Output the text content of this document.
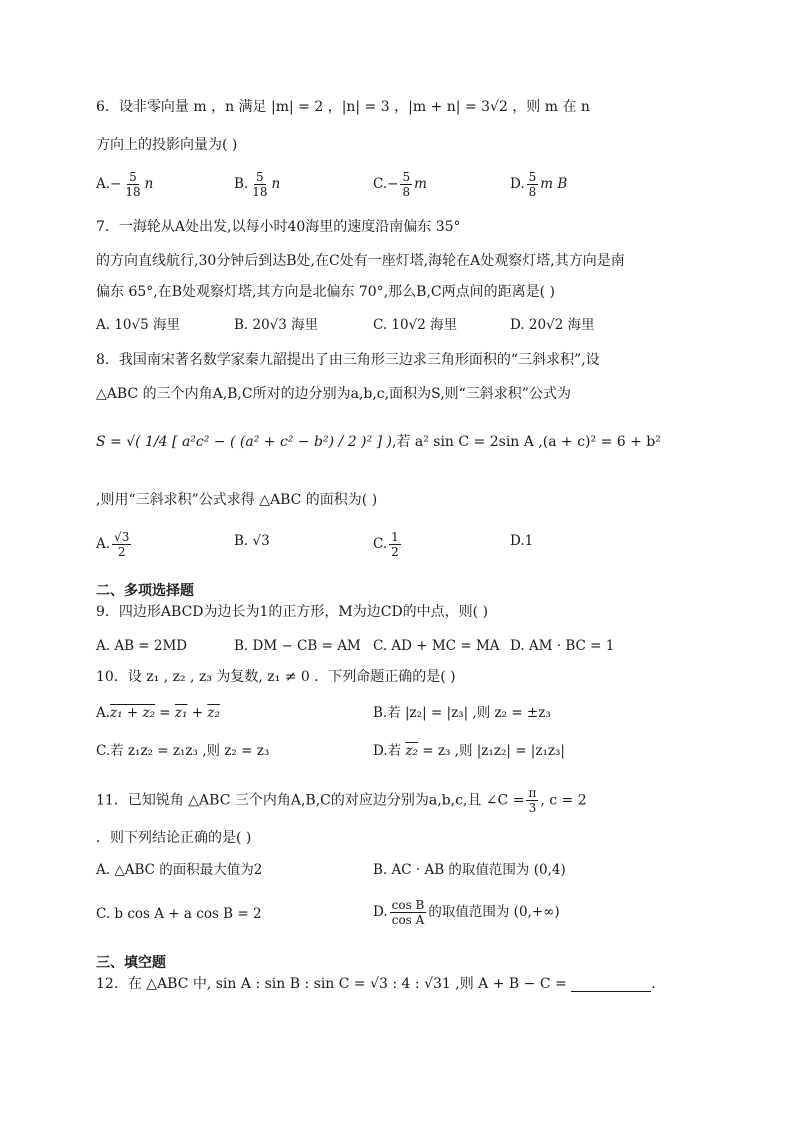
6．设非零向量 m ，n 满足 |m| = 2 ，|n| = 3 ，|m + n| = 3√2 ，则 m 在 n
方向上的投影向量为( )
$A.- \frac{5}{18}$ n	B. $\frac{5}{18}$ n	$C.- \frac{5}{8}$ m	D. $\frac{5}{8}$ m B
7．一海轮从A处出发,以每小时40海里的速度沿南偏东 35°
的方向直线航行,30分钟后到达B处,在C处有一座灯塔,海轮在A处观察灯塔,其方向是南
偏东 65°,在B处观察灯塔,其方向是北偏东 70°,那么B,C两点间的距离是( )
A. 10√5 海里	B. 20√3 海里	C. 10√2 海里	D. 20√2 海里
8．我国南宋著名数学家秦九韶提出了由三角形三边求三角形面积的“三斜求积”,设
△ABC 的三个内角A,B,C所对的边分别为a,b,c,面积为S,则“三斜求积”公式为
S = √( 1/4 [ a²c² − ( (a² + c² − b²) / 2 )² ] ),若 a² sin C = 2sin A ,(a + c)² = 6 + b²
,则用“三斜求积”公式求得 △ABC 的面积为( )
A. $\frac{√3}{2}$	B. √3	C. $\frac{1}{2}$	D.1
二、多项选择题
9．四边形ABCD为边长为1的正方形，M为边CD的中点，则( )
A. AB = 2MD	B. DM − CB = AM C. AD + MC = MA D. AM · BC = 1
10．设 z₁ , z₂ , z₃ 为复数, z₁ ≠ 0 ．下列命题正确的是( )
A.z₁ + z₂ = z₁ + z₂	B.若 |z₂| = |z₃| ,则 z₂ = ±z₃
C.若 z₁z₂ = z₁z₃ ,则 z₂ = z₃	D.若 z₂ = z₃ ,则 |z₁z₂| = |z₁z₃|
11．已知锐角 △ABC 三个内角A,B,C的对应边分别为a,b,c,且 ∠C = $\frac{\pi}{3}$ , c = 2
．则下列结论正确的是( )
A. △ABC 的面积最大值为2	B. AC · AB 的取值范围为 (0,4)
C. b cos A + a cos B = 2	D. $\frac{\text{cos B}}{\text{cos A}}$ 的取值范围为 (0,+∞)
三、填空题
12．在 △ABC 中, sin A : sin B : sin C = √3 : 4 : √31 ,则 A + B − C =	.
